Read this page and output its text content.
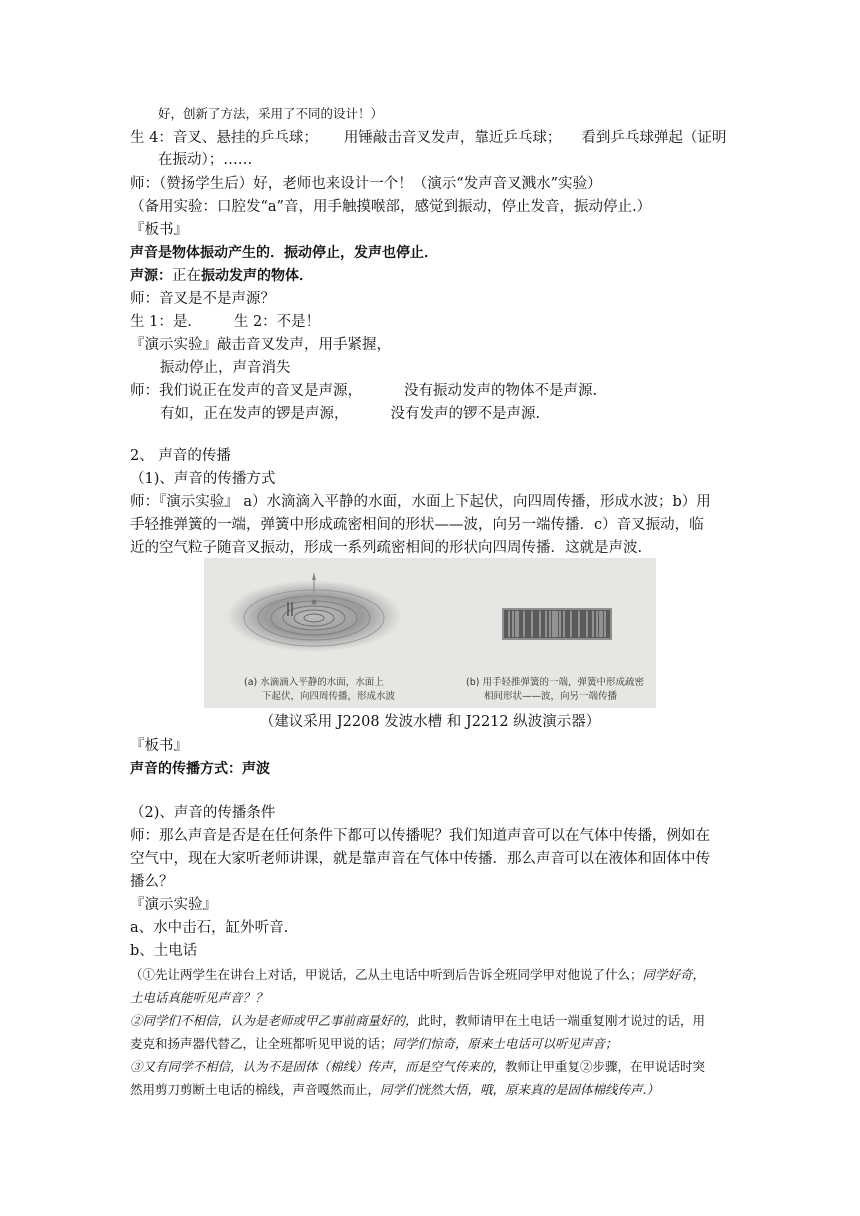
好，创新了方法，采用了不同的设计！）
生 4：音叉、悬挂的乒乓球； 用锤敲击音叉发声，靠近乒乓球； 看到乒乓球弹起（证明
在振动）；……
师：（赞扬学生后）好，老师也来设计一个！（演示“发声音叉溅水”实验）
（备用实验：口腔发“a”音，用手触摸喉部，感觉到振动，停止发音，振动停止.）
『板书』
声音是物体振动产生的．振动停止，发声也停止．
声源：正在振动发声的物体．
师：音叉是不是声源？
生 1：是． 生 2：不是！
『演示实验』敲击音叉发声，用手紧握，
振动停止，声音消失
师：我们说正在发声的音叉是声源，	没有振动发声的物体不是声源.
有如，正在发声的锣是声源，	没有发声的锣不是声源.
2、 声音的传播
（1)、声音的传播方式
师：『演示实验』 a）水滴滴入平静的水面，水面上下起伏，向四周传播，形成水波；b）用
手轻推弹簧的一端，弹簧中形成疏密相间的形状——波，向另一端传播．c）音叉振动，临
近的空气粒子随音叉振动，形成一系列疏密相间的形状向四周传播．这就是声波.
(a) 水滴滴入平静的水面，水面上
下起伏，向四周传播，形成水波
(b) 用手轻推弹簧的一端，弹簧中形成疏密
相间形状——波，向另一端传播
（建议采用 J2208 发波水槽 和 J2212 纵波演示器）
『板书』
声音的传播方式：声波
（2)、声音的传播条件
师：那么声音是否是在任何条件下都可以传播呢？我们知道声音可以在气体中传播，例如在
空气中，现在大家听老师讲课，就是靠声音在气体中传播．那么声音可以在液体和固体中传
播么？
『演示实验』
a、水中击石，缸外听音.
b、土电话
（①先让两学生在讲台上对话，甲说话，乙从土电话中听到后告诉全班同学甲对他说了什么；同学好奇，
土电话真能听见声音？？
②同学们不相信，认为是老师或甲乙事前商量好的，此时，教师请甲在土电话一端重复刚才说过的话，用
麦克和扬声器代替乙，让全班都听见甲说的话；同学们惊奇，原来土电话可以听见声音；
③又有同学不相信，认为不是固体（棉线）传声，而是空气传来的，教师让甲重复②步骤，在甲说话时突
然用剪刀剪断土电话的棉线，声音嘎然而止，同学们恍然大悟，哦，原来真的是固体棉线传声.）
